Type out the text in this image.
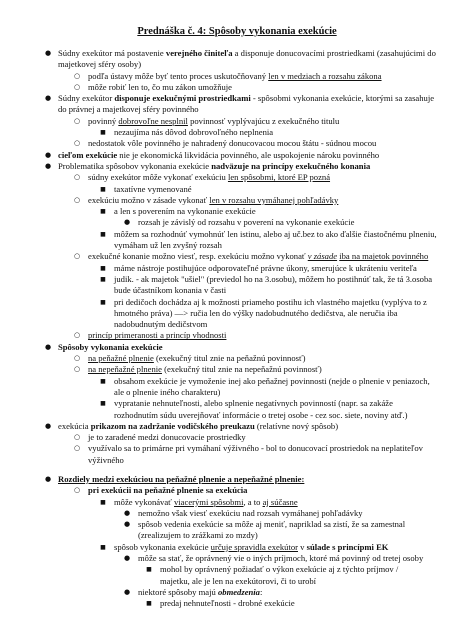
Prednáška č. 4: Spôsoby vykonania exekúcie

● Súdny exekútor má postavenie verejného činiteľa a disponuje donucovacími prostriedkami (zasahujúcimi do

majetkovej sféry osoby)

○ podľa ústavy môže byť tento proces uskutočňovaný len v medziach a rozsahu zákona

○ môže robiť len to, čo mu zákon umožňuje

● Súdny exekútor disponuje exekučnými prostriedkami - spôsobmi vykonania exekúcie, ktorými sa zasahuje

do právnej a majetkovej sféry povinného

○ povinný dobrovoľne nesplnil povinnosť vyplývajúcu z exekučného titulu

■ nezaujíma nás dôvod dobrovoľného neplnenia

○ nedostatok vôle povinného je nahradený donucovacou mocou štátu - súdnou mocou

● cieľom exekúcie nie je ekonomická likvidácia povinného, ale uspokojenie nároku povinného

● Problematika spôsobov vykonania exekúcie nadväzuje na princípy exekučného konania

○ súdny exekútor môže vykonať exekúciu len spôsobmi, ktoré EP pozná

■ taxatívne vymenované

○ exekúciu možno v zásade vykonať len v rozsahu vymáhanej pohľadávky

■ a len s poverením na vykonanie exekúcie

● rozsah je závislý od rozsahu v poverení na vykonanie exekúcie

■ môžem sa rozhodnúť vymohnúť len istinu, alebo aj uč.bez to ako ďalšie čiastočnému plneniu,

vymáham už len zvyšný rozsah

○ exekučné konanie možno viesť, resp. exekúciu možno vykonať v zásade iba na majetok povinného

■ máme nástroje postihujúce odporovateľné právne úkony, smerujúce k ukráteniu veriteľa

■ judik. - ak majetok "ušiel" (previedol ho na 3.osobu), môžem ho postihnúť tak, že tá 3.osoba

bude účastníkom konania v časti

■ pri dedičoch dochádza aj k možnosti priameho postihu ich vlastného majetku (vyplýva to z

hmotného práva) —> ručia len do výšky nadobudnutého dedičstva, ale neručia iba

nadobudnutým dedičstvom

○ princíp primeranosti a princíp vhodnosti

● Spôsoby vykonania exekúcie

○ na peňažné plnenie (exekučný titul znie na peňažnú povinnosť)

○ na nepeňažné plnenie (exekučný titul znie na nepeňažnú povinnosť)

■ obsahom exekúcie je vymoženie inej ako peňažnej povinnosti (nejde o plnenie v peniazoch,

ale o plnenie iného charakteru)

■ vypratanie nehnuteľnosti, alebo splnenie negatívnych povinností (napr. sa zakáže

rozhodnutím súdu uverejňovať informácie o tretej osobe - cez soc. siete, noviny atď.)

● exekúcia prikazom na zadržanie vodičského preukazu (relatívne nový spôsob)

○ je to zaradené medzi donucovacie prostriedky

○ využívalo sa to primárne pri vymáhaní výživného - bol to donucovací prostriedok na neplatiteľov

výživného

● Rozdiely medzi exekúciou na peňažné plnenie a nepeňažné plnenie:

○ pri exekúcii na peňažné plnenie sa exekúcia

■ môže vykonávať viacerými spôsobmi, a to aj súčasne

● nemožno však viesť exekúciu nad rozsah vymáhanej pohľadávky

● spôsob vedenia exekúcie sa môže aj meniť, napriklad sa zistí, že sa zamestnal

(zrealizujem to zrážkami zo mzdy)

■ spôsob vykonania exekúcie určuje spravidla exekútor v súlade s princípmi EK

● môže sa stať, že oprávnený vie o iných príjmoch, ktoré má povinný od tretej osoby

■ mohol by oprávnený požiadať o výkon exekúcie aj z týchto príjmov /

majetku, ale je len na exekútorovi, či to urobí

● niektoré spôsoby majú obmedzenia:

■ predaj nehnuteľnosti - drobné exekúcie
